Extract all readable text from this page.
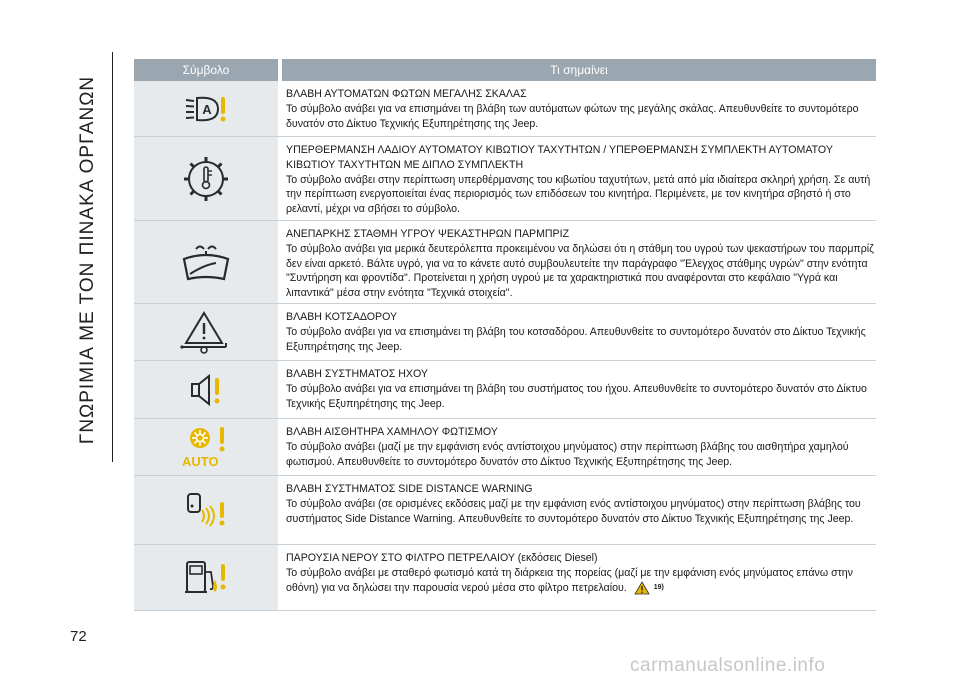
ΓΝΩΡΙΜΙΑ ΜΕ ΤΟΝ ΠΙΝΑΚΑ ΟΡΓΑΝΩΝ
Σύμβολο	Τι σημαίνει
A
ΒΛΑΒΗ ΑΥΤΟΜΑΤΩΝ ΦΩΤΩΝ ΜΕΓΑΛΗΣ ΣΚΑΛΑΣ
Το σύμβολο ανάβει για να επισημάνει τη βλάβη των αυτόματων φώτων της μεγάλης σκάλας. Απευθυνθείτε το συντομότερο δυνατόν στο Δίκτυο Τεχνικής Εξυπηρέτησης της Jeep.
ΥΠΕΡΘΕΡΜΑΝΣΗ ΛΑΔΙΟΥ ΑΥΤΟΜΑΤΟΥ ΚΙΒΩΤΙΟΥ ΤΑΧΥΤΗΤΩΝ / ΥΠΕΡΘΕΡΜΑΝΣΗ ΣΥΜΠΛΕΚΤΗ ΑΥΤΟΜΑΤΟΥ ΚΙΒΩΤΙΟΥ ΤΑΧΥΤΗΤΩΝ ΜΕ ΔΙΠΛΟ ΣΥΜΠΛΕΚΤΗ
Το σύμβολο ανάβει στην περίπτωση υπερθέρμανσης του κιβωτίου ταχυτήτων, μετά από μία ιδιαίτερα σκληρή χρήση. Σε αυτή την περίπτωση ενεργοποιείται ένας περιορισμός των επιδόσεων του κινητήρα. Περιμένετε, με τον κινητήρα σβηστό ή στο ρελαντί, μέχρι να σβήσει το σύμβολο.
ΑΝΕΠΑΡΚΗΣ ΣΤΑΘΜΗ ΥΓΡΟΥ ΨΕΚΑΣΤΗΡΩΝ ΠΑΡΜΠΡΙΖ
Το σύμβολο ανάβει για μερικά δευτερόλεπτα προκειμένου να δηλώσει ότι η στάθμη του υγρού των ψεκαστήρων του παρμπρίζ δεν είναι αρκετό. Βάλτε υγρό, για να το κάνετε αυτό συμβουλευτείτε την παράγραφο "Έλεγχος στάθμης υγρών" στην ενότητα "Συντήρηση και φροντίδα". Προτείνεται η χρήση υγρού με τα χαρακτηριστικά που αναφέρονται στο κεφάλαιο "Υγρά και λιπαντικά" μέσα στην ενότητα "Τεχνικά στοιχεία".
ΒΛΑΒΗ ΚΟΤΣΑΔΟΡΟΥ
Το σύμβολο ανάβει για να επισημάνει τη βλάβη του κοτσαδόρου. Απευθυνθείτε το συντομότερο δυνατόν στο Δίκτυο Τεχνικής Εξυπηρέτησης της Jeep.
ΒΛΑΒΗ ΣΥΣΤΗΜΑΤΟΣ ΗΧΟΥ
Το σύμβολο ανάβει για να επισημάνει τη βλάβη του συστήματος του ήχου. Απευθυνθείτε το συντομότερο δυνατόν στο Δίκτυο Τεχνικής Εξυπηρέτησης της Jeep.
AUTO
ΒΛΑΒΗ ΑΙΣΘΗΤΗΡΑ ΧΑΜΗΛΟΥ ΦΩΤΙΣΜΟΥ
Το σύμβολο ανάβει (μαζί με την εμφάνιση ενός αντίστοιχου μηνύματος) στην περίπτωση βλάβης του αισθητήρα χαμηλού φωτισμού. Απευθυνθείτε το συντομότερο δυνατόν στο Δίκτυο Τεχνικής Εξυπηρέτησης της Jeep.
ΒΛΑΒΗ ΣΥΣΤΗΜΑΤΟΣ SIDE DISTANCE WARNING
Το σύμβολο ανάβει (σε ορισμένες εκδόσεις μαζί με την εμφάνιση ενός αντίστοιχου μηνύματος) στην περίπτωση βλάβης του συστήματος Side Distance Warning. Απευθυνθείτε το συντομότερο δυνατόν στο Δίκτυο Τεχνικής Εξυπηρέτησης της Jeep.
ΠΑΡΟΥΣΙΑ ΝΕΡΟΥ ΣΤΟ ΦΙΛΤΡΟ ΠΕΤΡΕΛΑΙΟΥ (εκδόσεις Diesel)
Το σύμβολο ανάβει με σταθερό φωτισμό κατά τη διάρκεια της πορείας (μαζί με την εμφάνιση ενός μηνύματος επάνω στην οθόνη) για να δηλώσει την παρουσία νερού μέσα στο φίλτρο πετρελαίου.	19)
72
carmanualsonline.info
